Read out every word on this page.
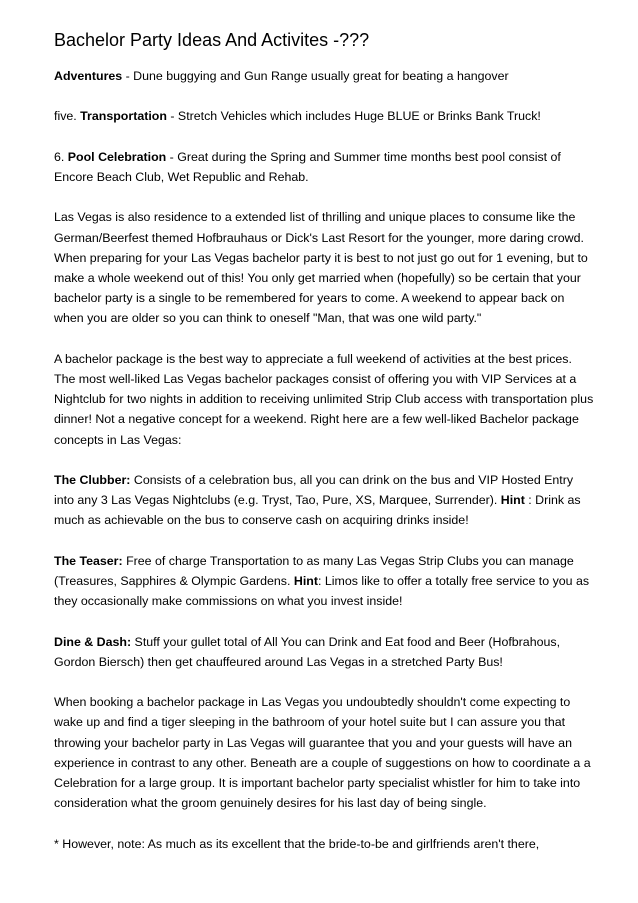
Bachelor Party Ideas And Activites -???

Adventures - Dune buggying and Gun Range usually great for beating a hangover

five. Transportation - Stretch Vehicles which includes Huge BLUE or Brinks Bank Truck!

6. Pool Celebration - Great during the Spring and Summer time months best pool consist of Encore Beach Club, Wet Republic and Rehab.

Las Vegas is also residence to a extended list of thrilling and unique places to consume like the German/Beerfest themed Hofbrauhaus or Dick's Last Resort for the younger, more daring crowd. When preparing for your Las Vegas bachelor party it is best to not just go out for 1 evening, but to make a whole weekend out of this! You only get married when (hopefully) so be certain that your bachelor party is a single to be remembered for years to come. A weekend to appear back on when you are older so you can think to oneself "Man, that was one wild party."

A bachelor package is the best way to appreciate a full weekend of activities at the best prices. The most well-liked Las Vegas bachelor packages consist of offering you with VIP Services at a Nightclub for two nights in addition to receiving unlimited Strip Club access with transportation plus dinner! Not a negative concept for a weekend. Right here are a few well-liked Bachelor package concepts in Las Vegas:

The Clubber: Consists of a celebration bus, all you can drink on the bus and VIP Hosted Entry into any 3 Las Vegas Nightclubs (e.g. Tryst, Tao, Pure, XS, Marquee, Surrender). Hint : Drink as much as achievable on the bus to conserve cash on acquiring drinks inside!

The Teaser: Free of charge Transportation to as many Las Vegas Strip Clubs you can manage (Treasures, Sapphires & Olympic Gardens. Hint: Limos like to offer a totally free service to you as they occasionally make commissions on what you invest inside!

Dine & Dash: Stuff your gullet total of All You can Drink and Eat food and Beer (Hofbrahous, Gordon Biersch) then get chauffeured around Las Vegas in a stretched Party Bus!

When booking a bachelor package in Las Vegas you undoubtedly shouldn't come expecting to wake up and find a tiger sleeping in the bathroom of your hotel suite but I can assure you that throwing your bachelor party in Las Vegas will guarantee that you and your guests will have an experience in contrast to any other. Beneath are a couple of suggestions on how to coordinate a a Celebration for a large group. It is important bachelor party specialist whistler for him to take into consideration what the groom genuinely desires for his last day of being single.

* However, note: As much as its excellent that the bride-to-be and girlfriends aren't there,
